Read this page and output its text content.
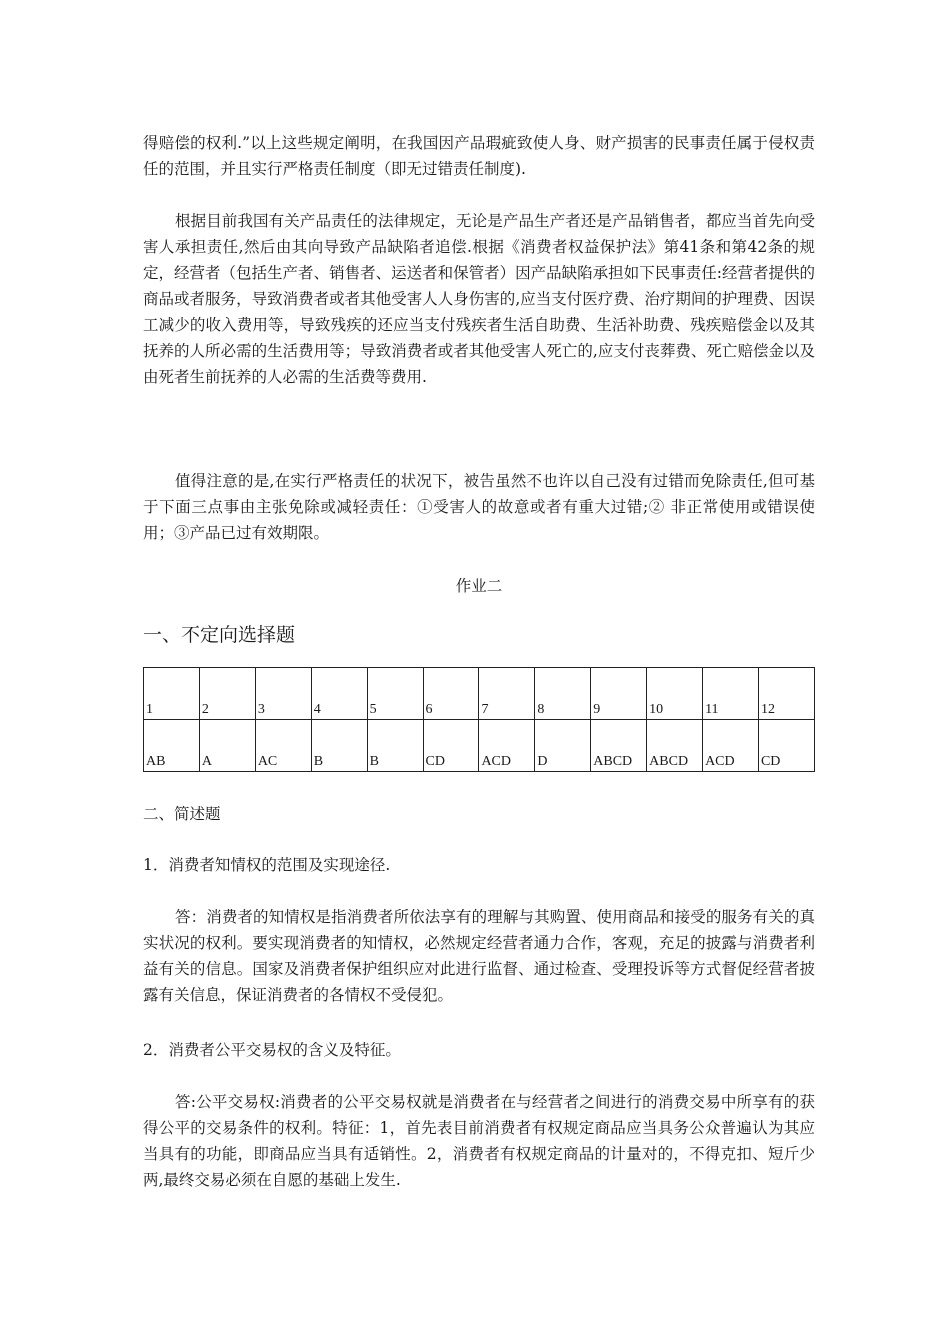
得赔偿的权利.”以上这些规定阐明，在我国因产品瑕疵致使人身、财产损害的民事责任属于侵权责任的范围，并且实行严格责任制度（即无过错责任制度).

根据目前我国有关产品责任的法律规定，无论是产品生产者还是产品销售者，都应当首先向受害人承担责任,然后由其向导致产品缺陷者追偿.根据《消费者权益保护法》第41条和第42条的规定，经营者（包括生产者、销售者、运送者和保管者）因产品缺陷承担如下民事责任:经营者提供的商品或者服务，导致消费者或者其他受害人人身伤害的,应当支付医疗费、治疗期间的护理费、因误工减少的收入费用等，导致残疾的还应当支付残疾者生活自助费、生活补助费、残疾赔偿金以及其抚养的人所必需的生活费用等；导致消费者或者其他受害人死亡的,应支付丧葬费、死亡赔偿金以及由死者生前抚养的人必需的生活费等费用.

值得注意的是,在实行严格责任的状况下，被告虽然不也许以自己没有过错而免除责任,但可基于下面三点事由主张免除或减轻责任：①受害人的故意或者有重大过错;② 非正常使用或错误使用；③产品已过有效期限。

作业二

一、不定向选择题

1	2	3	4	5	6	7	8	9	10	11	12
AB	A	AC	B	B	CD	ACD	D	ABCD	ABCD	ACD	CD

二、简述题

1．消费者知情权的范围及实现途径.

答：消费者的知情权是指消费者所依法享有的理解与其购置、使用商品和接受的服务有关的真实状况的权利。要实现消费者的知情权，必然规定经营者通力合作，客观，充足的披露与消费者利益有关的信息。国家及消费者保护组织应对此进行监督、通过检查、受理投诉等方式督促经营者披露有关信息，保证消费者的各情权不受侵犯。

2．消费者公平交易权的含义及特征。

答:公平交易权:消费者的公平交易权就是消费者在与经营者之间进行的消费交易中所享有的获得公平的交易条件的权利。特征：1，首先表目前消费者有权规定商品应当具务公众普遍认为其应当具有的功能，即商品应当具有适销性。2，消费者有权规定商品的计量对的，不得克扣、短斤少两,最终交易必须在自愿的基础上发生.
